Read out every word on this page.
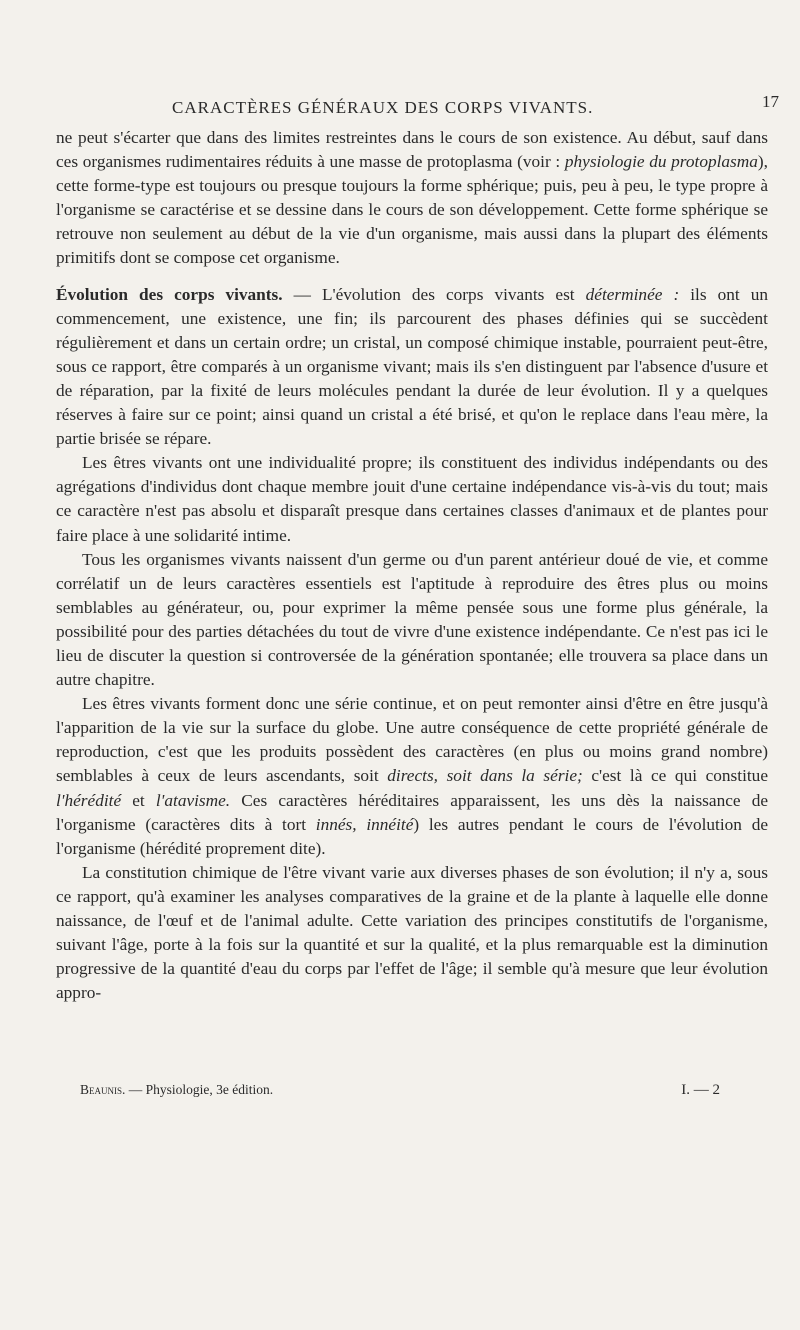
CARACTÈRES GÉNÉRAUX DES CORPS VIVANTS.	17

ne peut s'écarter que dans des limites restreintes dans le cours de son existence. Au début, sauf dans ces organismes rudimentaires réduits à une masse de protoplasma (voir : physiologie du protoplasma), cette forme-type est toujours ou presque toujours la forme sphérique; puis, peu à peu, le type propre à l'organisme se caractérise et se dessine dans le cours de son développement. Cette forme sphérique se retrouve non seulement au début de la vie d'un organisme, mais aussi dans la plupart des éléments primitifs dont se compose cet organisme.

Évolution des corps vivants. — L'évolution des corps vivants est déterminée : ils ont un commencement, une existence, une fin; ils parcourent des phases définies qui se succèdent régulièrement et dans un certain ordre; un cristal, un composé chimique instable, pourraient peut-être, sous ce rapport, être comparés à un organisme vivant; mais ils s'en distinguent par l'absence d'usure et de réparation, par la fixité de leurs molécules pendant la durée de leur évolution. Il y a quelques réserves à faire sur ce point; ainsi quand un cristal a été brisé, et qu'on le replace dans l'eau mère, la partie brisée se répare.

Les êtres vivants ont une individualité propre; ils constituent des individus indépendants ou des agrégations d'individus dont chaque membre jouit d'une certaine indépendance vis-à-vis du tout; mais ce caractère n'est pas absolu et disparaît presque dans certaines classes d'animaux et de plantes pour faire place à une solidarité intime.

Tous les organismes vivants naissent d'un germe ou d'un parent antérieur doué de vie, et comme corrélatif un de leurs caractères essentiels est l'aptitude à reproduire des êtres plus ou moins semblables au générateur, ou, pour exprimer la même pensée sous une forme plus générale, la possibilité pour des parties détachées du tout de vivre d'une existence indépendante. Ce n'est pas ici le lieu de discuter la question si controversée de la génération spontanée; elle trouvera sa place dans un autre chapitre.

Les êtres vivants forment donc une série continue, et on peut remonter ainsi d'être en être jusqu'à l'apparition de la vie sur la surface du globe. Une autre conséquence de cette propriété générale de reproduction, c'est que les produits possèdent des caractères (en plus ou moins grand nombre) semblables à ceux de leurs ascendants, soit directs, soit dans la série; c'est là ce qui constitue l'hérédité et l'atavisme. Ces caractères héréditaires apparaissent, les uns dès la naissance de l'organisme (caractères dits à tort innés, innéité) les autres pendant le cours de l'évolution de l'organisme (hérédité proprement dite).

La constitution chimique de l'être vivant varie aux diverses phases de son évolution; il n'y a, sous ce rapport, qu'à examiner les analyses comparatives de la graine et de la plante à laquelle elle donne naissance, de l'œuf et de l'animal adulte. Cette variation des principes constitutifs de l'organisme, suivant l'âge, porte à la fois sur la quantité et sur la qualité, et la plus remarquable est la diminution progressive de la quantité d'eau du corps par l'effet de l'âge; il semble qu'à mesure que leur évolution appro-

Beaunis. — Physiologie, 3e édition.	I. — 2
